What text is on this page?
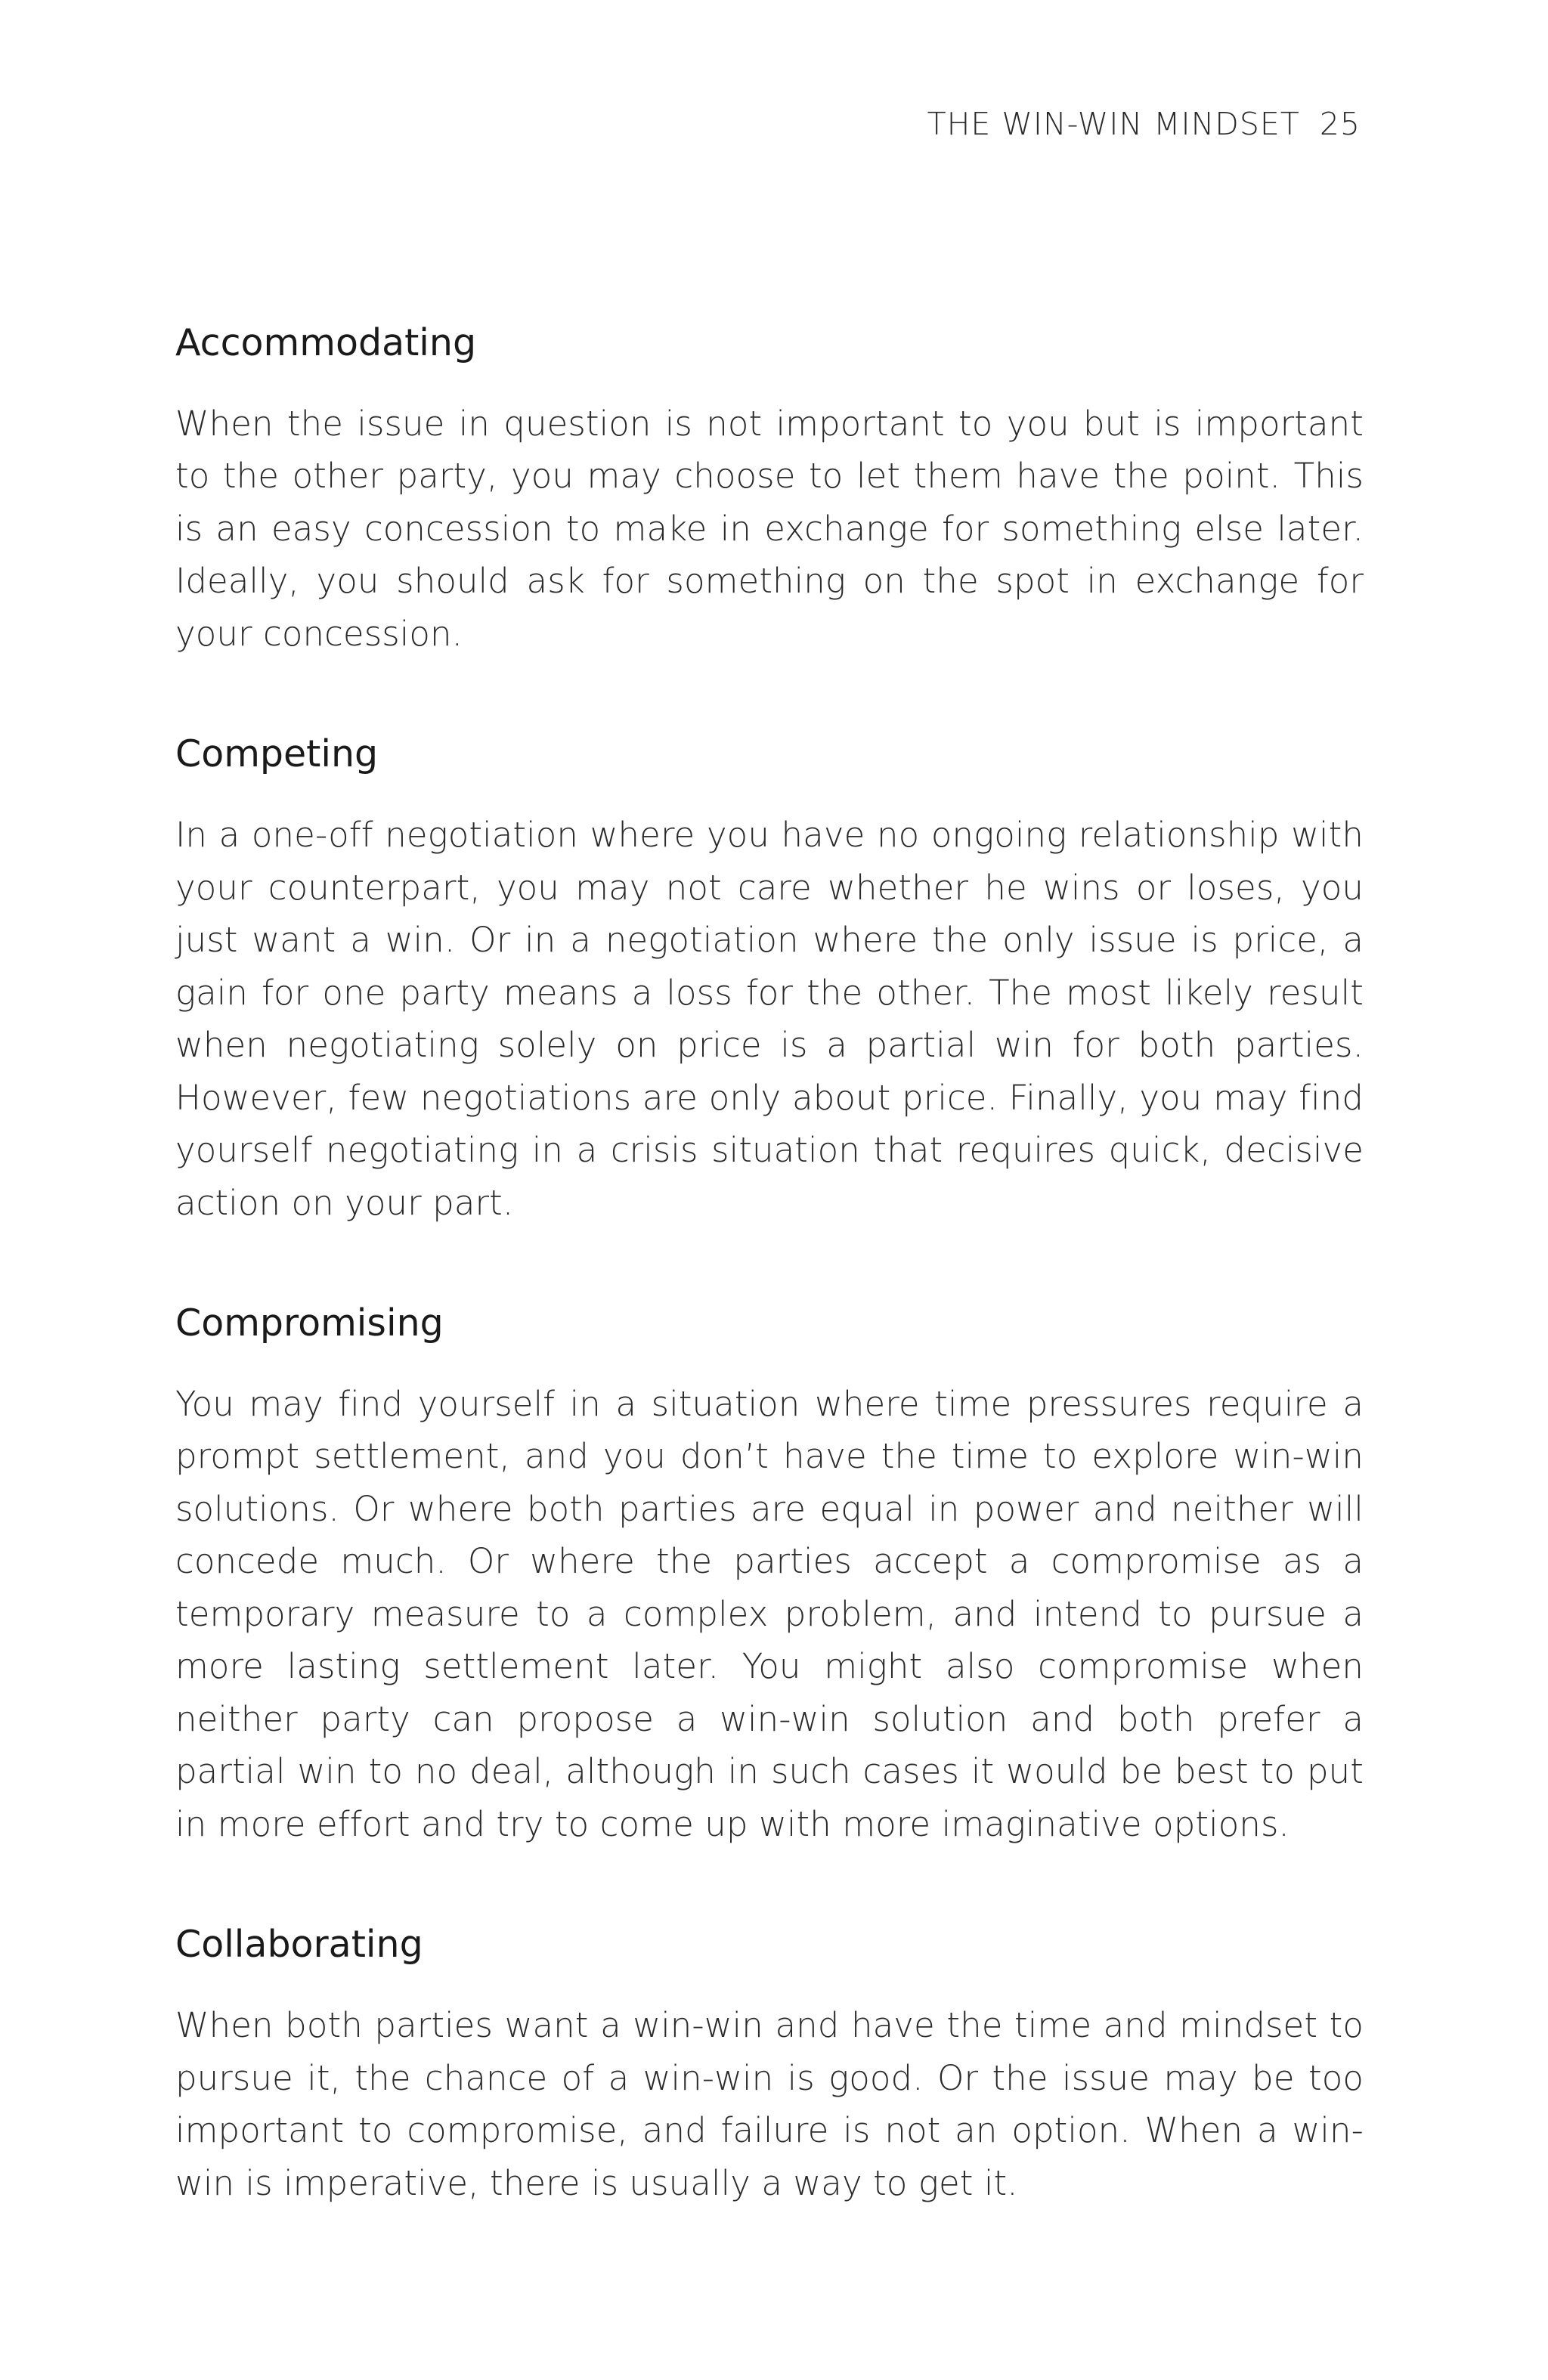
THE WIN-WIN MINDSET 25
Accommodating

When the issue in question is not important to you but is important to the other party, you may choose to let them have the point. This is an easy concession to make in exchange for something else later. Ideally, you should ask for something on the spot in exchange for your concession.

Competing

In a one-off negotiation where you have no ongoing relationship with your counterpart, you may not care whether he wins or loses, you just want a win. Or in a negotiation where the only issue is price, a gain for one party means a loss for the other. The most likely result when negotiating solely on price is a partial win for both parties. However, few negotiations are only about price. Finally, you may find yourself negotiating in a crisis situation that requires quick, decisive action on your part.

Compromising

You may find yourself in a situation where time pressures require a prompt settlement, and you don’t have the time to explore win-win solutions. Or where both parties are equal in power and neither will concede much. Or where the parties accept a compromise as a temporary measure to a complex problem, and intend to pursue a more lasting settlement later. You might also compromise when neither party can propose a win-win solution and both prefer a partial win to no deal, although in such cases it would be best to put in more effort and try to come up with more imaginative options.

Collaborating

When both parties want a win-win and have the time and mindset to pursue it, the chance of a win-win is good. Or the issue may be too important to compromise, and failure is not an option. When a win-win is imperative, there is usually a way to get it.
